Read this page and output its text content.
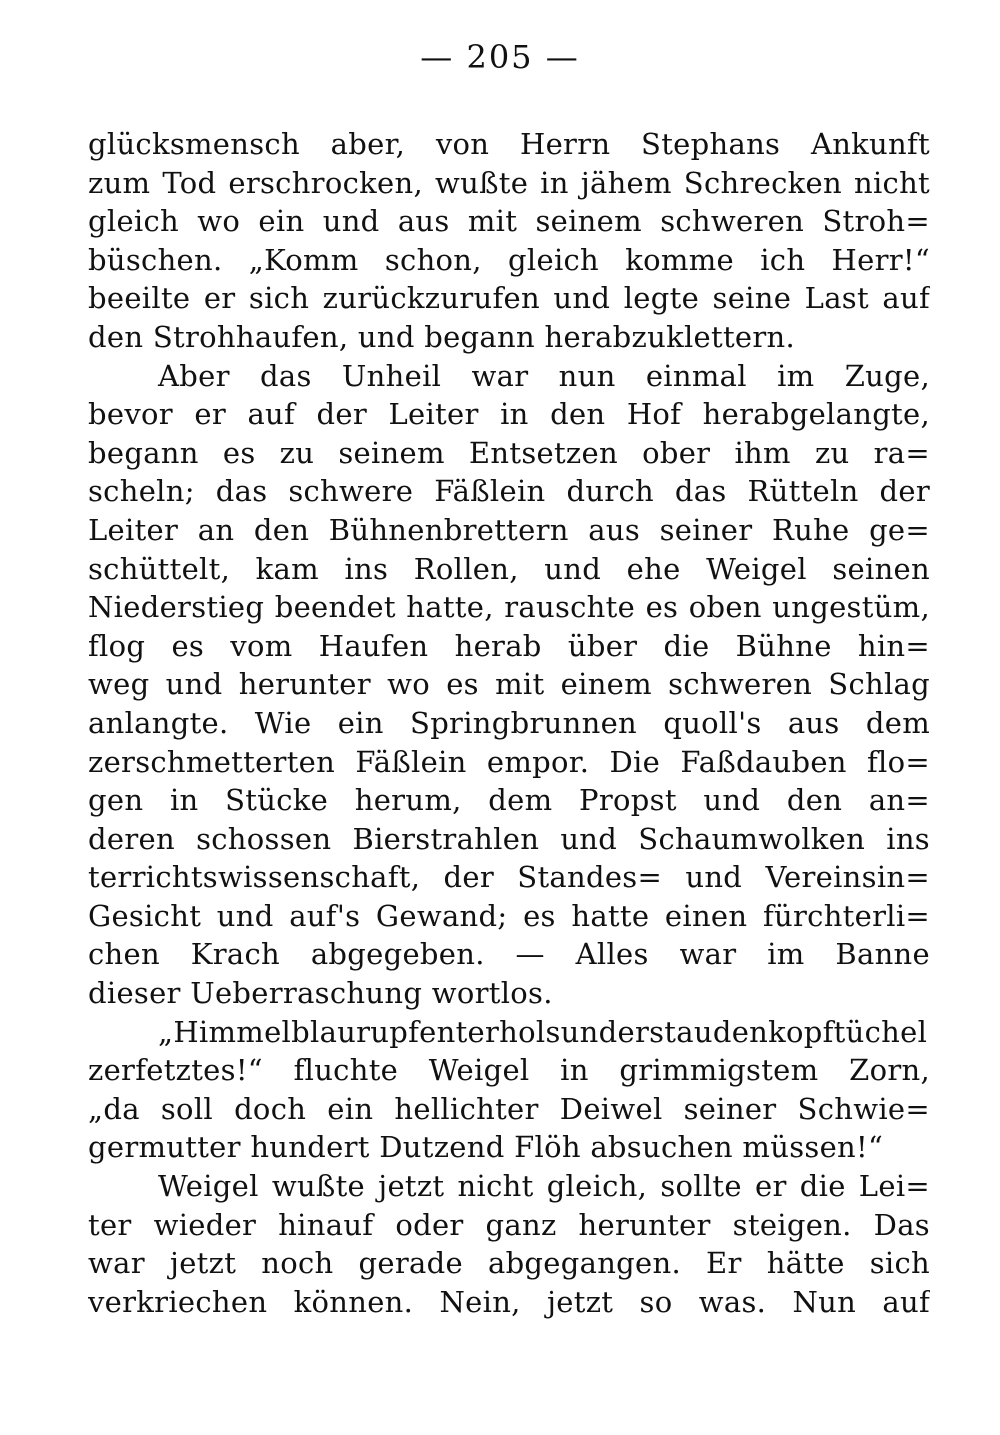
— 205 —
glücksmensch aber, von Herrn Stephans Ankunft
zum Tod erschrocken, wußte in jähem Schrecken nicht
gleich wo ein und aus mit seinem schweren Stroh=
büschen. „Komm schon, gleich komme ich Herr!“
beeilte er sich zurückzurufen und legte seine Last auf
den Strohhaufen, und begann herabzuklettern.
Aber das Unheil war nun einmal im Zuge,
bevor er auf der Leiter in den Hof herabgelangte,
begann es zu seinem Entsetzen ober ihm zu ra=
scheln; das schwere Fäßlein durch das Rütteln der
Leiter an den Bühnenbrettern aus seiner Ruhe ge=
schüttelt, kam ins Rollen, und ehe Weigel seinen
Niederstieg beendet hatte, rauschte es oben ungestüm,
flog es vom Haufen herab über die Bühne hin=
weg und herunter wo es mit einem schweren Schlag
anlangte. Wie ein Springbrunnen quoll's aus dem
zerschmetterten Fäßlein empor. Die Faßdauben flo=
gen in Stücke herum, dem Propst und den an=
deren schossen Bierstrahlen und Schaumwolken ins
terrichtswissenschaft, der Standes= und Vereinsin=
Gesicht und auf's Gewand; es hatte einen fürchterli=
chen Krach abgegeben. — Alles war im Banne
dieser Ueberraschung wortlos.
„Himmelblaurupfenterholsunderstaudenkopftüchel
zerfetztes!“ fluchte Weigel in grimmigstem Zorn,
„da soll doch ein hellichter Deiwel seiner Schwie=
germutter hundert Dutzend Flöh absuchen müssen!“
Weigel wußte jetzt nicht gleich, sollte er die Lei=
ter wieder hinauf oder ganz herunter steigen. Das
war jetzt noch gerade abgegangen. Er hätte sich
verkriechen können. Nein, jetzt so was. Nun auf
